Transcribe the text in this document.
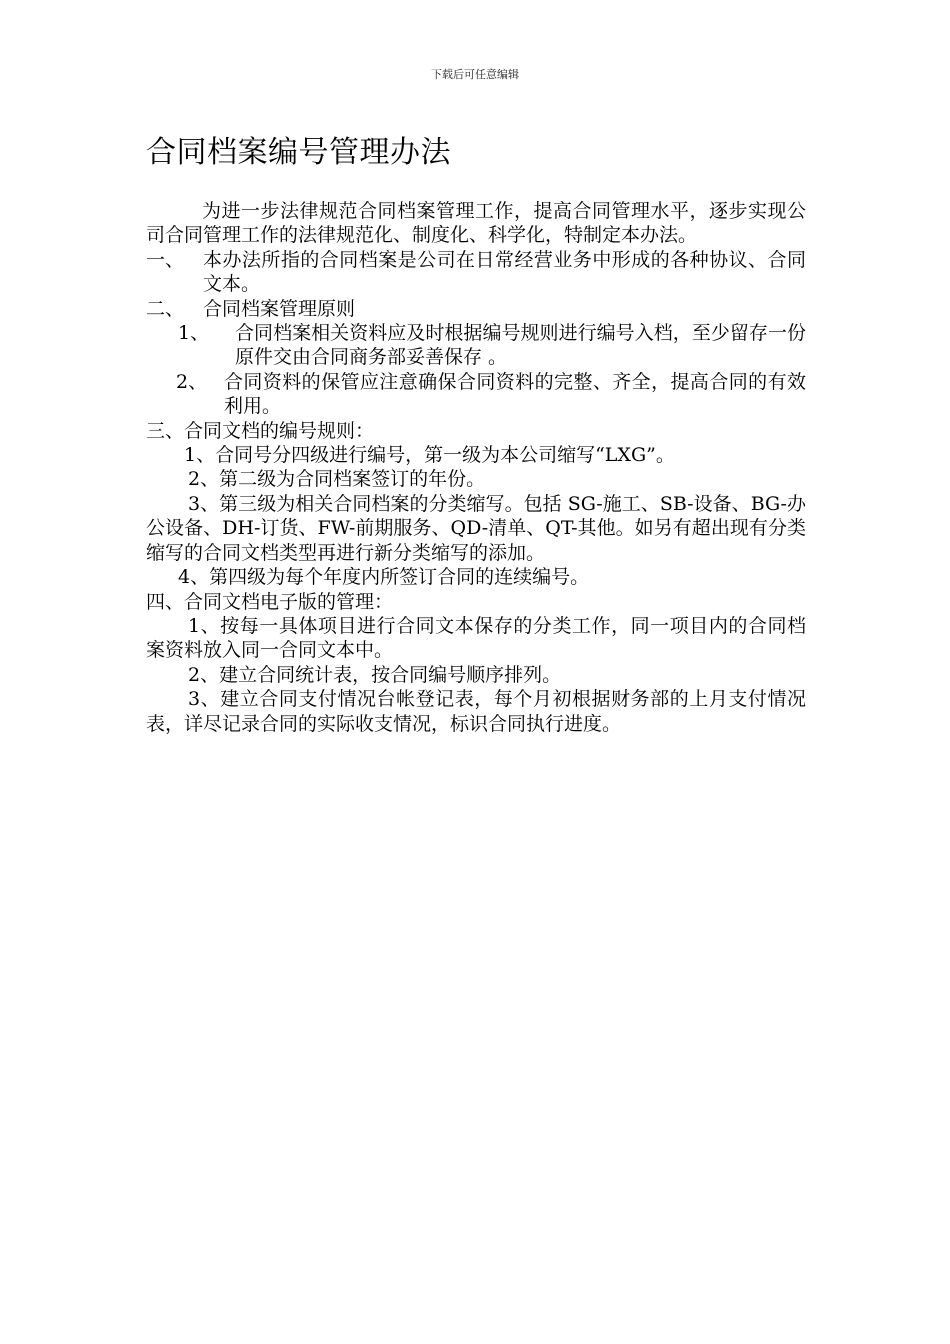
下载后可任意编辑
合同档案编号管理办法

为进一步法律规范合同档案管理工作，提高合同管理水平，逐步实现公司合同管理工作的法律规范化、制度化、科学化，特制定本办法。

一、 本办法所指的合同档案是公司在日常经营业务中形成的各种协议、合同文本。
二、 合同档案管理原则
1、	合同档案相关资料应及时根据编号规则进行编号入档，至少留存一份原件交由合同商务部妥善保存 。
2、 合同资料的保管应注意确保合同资料的完整、齐全，提高合同的有效利用。

三、合同文档的编号规则：

1、合同号分四级进行编号，第一级为本公司缩写“LXG”。

2、第二级为合同档案签订的年份。

3、第三级为相关合同档案的分类缩写。包括 SG-施工、SB-设备、BG-办公设备、DH-订货、FW-前期服务、QD-清单、QT-其他。如另有超出现有分类缩写的合同文档类型再进行新分类缩写的添加。

4、第四级为每个年度内所签订合同的连续编号。

四、合同文档电子版的管理：

1、按每一具体项目进行合同文本保存的分类工作，同一项目内的合同档案资料放入同一合同文本中。

2、建立合同统计表，按合同编号顺序排列。

3、建立合同支付情况台帐登记表，每个月初根据财务部的上月支付情况表，详尽记录合同的实际收支情况，标识合同执行进度。
